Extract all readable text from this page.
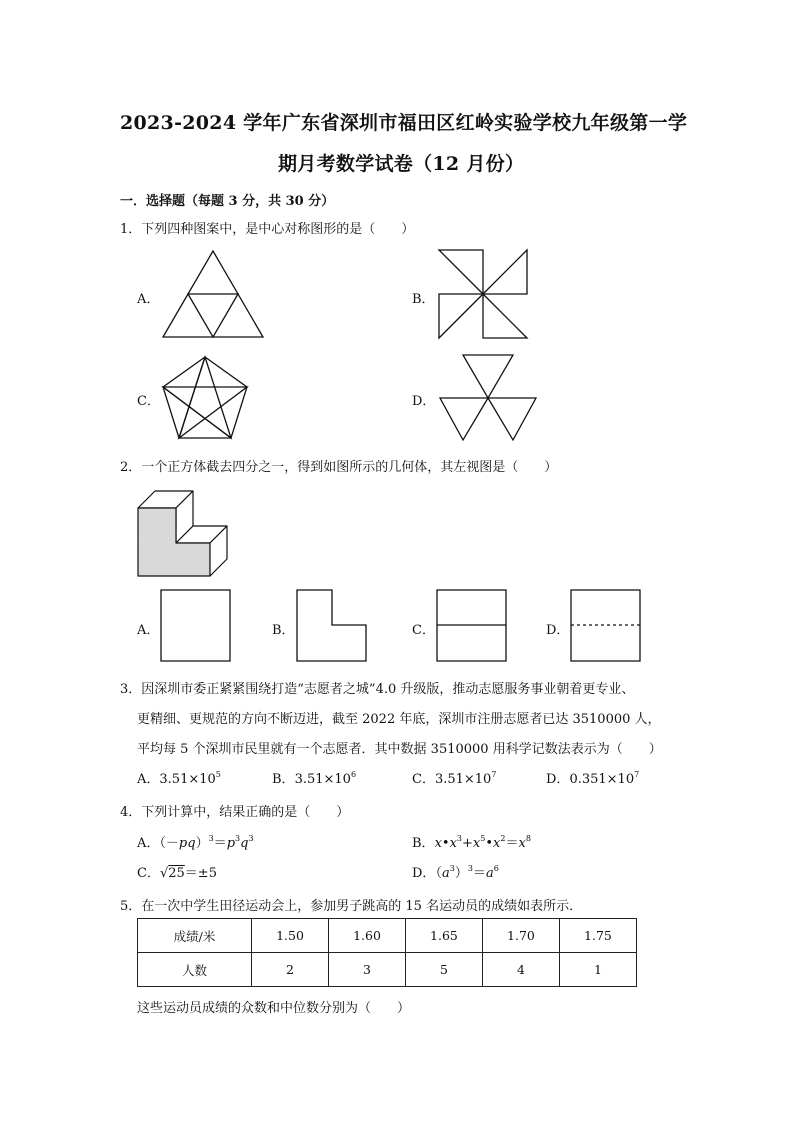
2023-2024 学年广东省深圳市福田区红岭实验学校九年级第一学
期月考数学试卷（12 月份）
一．选择题（每题 3 分，共 30 分）
1．下列四种图案中，是中心对称图形的是（　　）
A．	B．
C．	D．
2．一个正方体截去四分之一，得到如图所示的几何体，其左视图是（　　）
A．	B．	C．	D．
3．因深圳市委正紧紧围绕打造“志愿者之城”4.0 升级版，推动志愿服务事业朝着更专业、
更精细、更规范的方向不断迈进，截至 2022 年底，深圳市注册志愿者已达 3510000 人，
平均每 5 个深圳市民里就有一个志愿者．其中数据 3510000 用科学记数法表示为（　　）
A．$3.51\times 10^5$	B．$3.51\times 10^6$	C．$3.51\times 10^7$	D．$0.351\times 10^7$
4．下列计算中，结果正确的是（　　）
A．$(-pq)^3=p^3q^3$	B．$x•x^3+x^5•x^2=x^8$
C．√25＝±5	D．$(a^3)^3=a^6$
5．在一次中学生田径运动会上，参加男子跳高的 15 名运动员的成绩如表所示．
成绩/米	1.50	1.60	1.65	1.70	1.75
人数	2	3	5	4	1
这些运动员成绩的众数和中位数分别为（　　）
